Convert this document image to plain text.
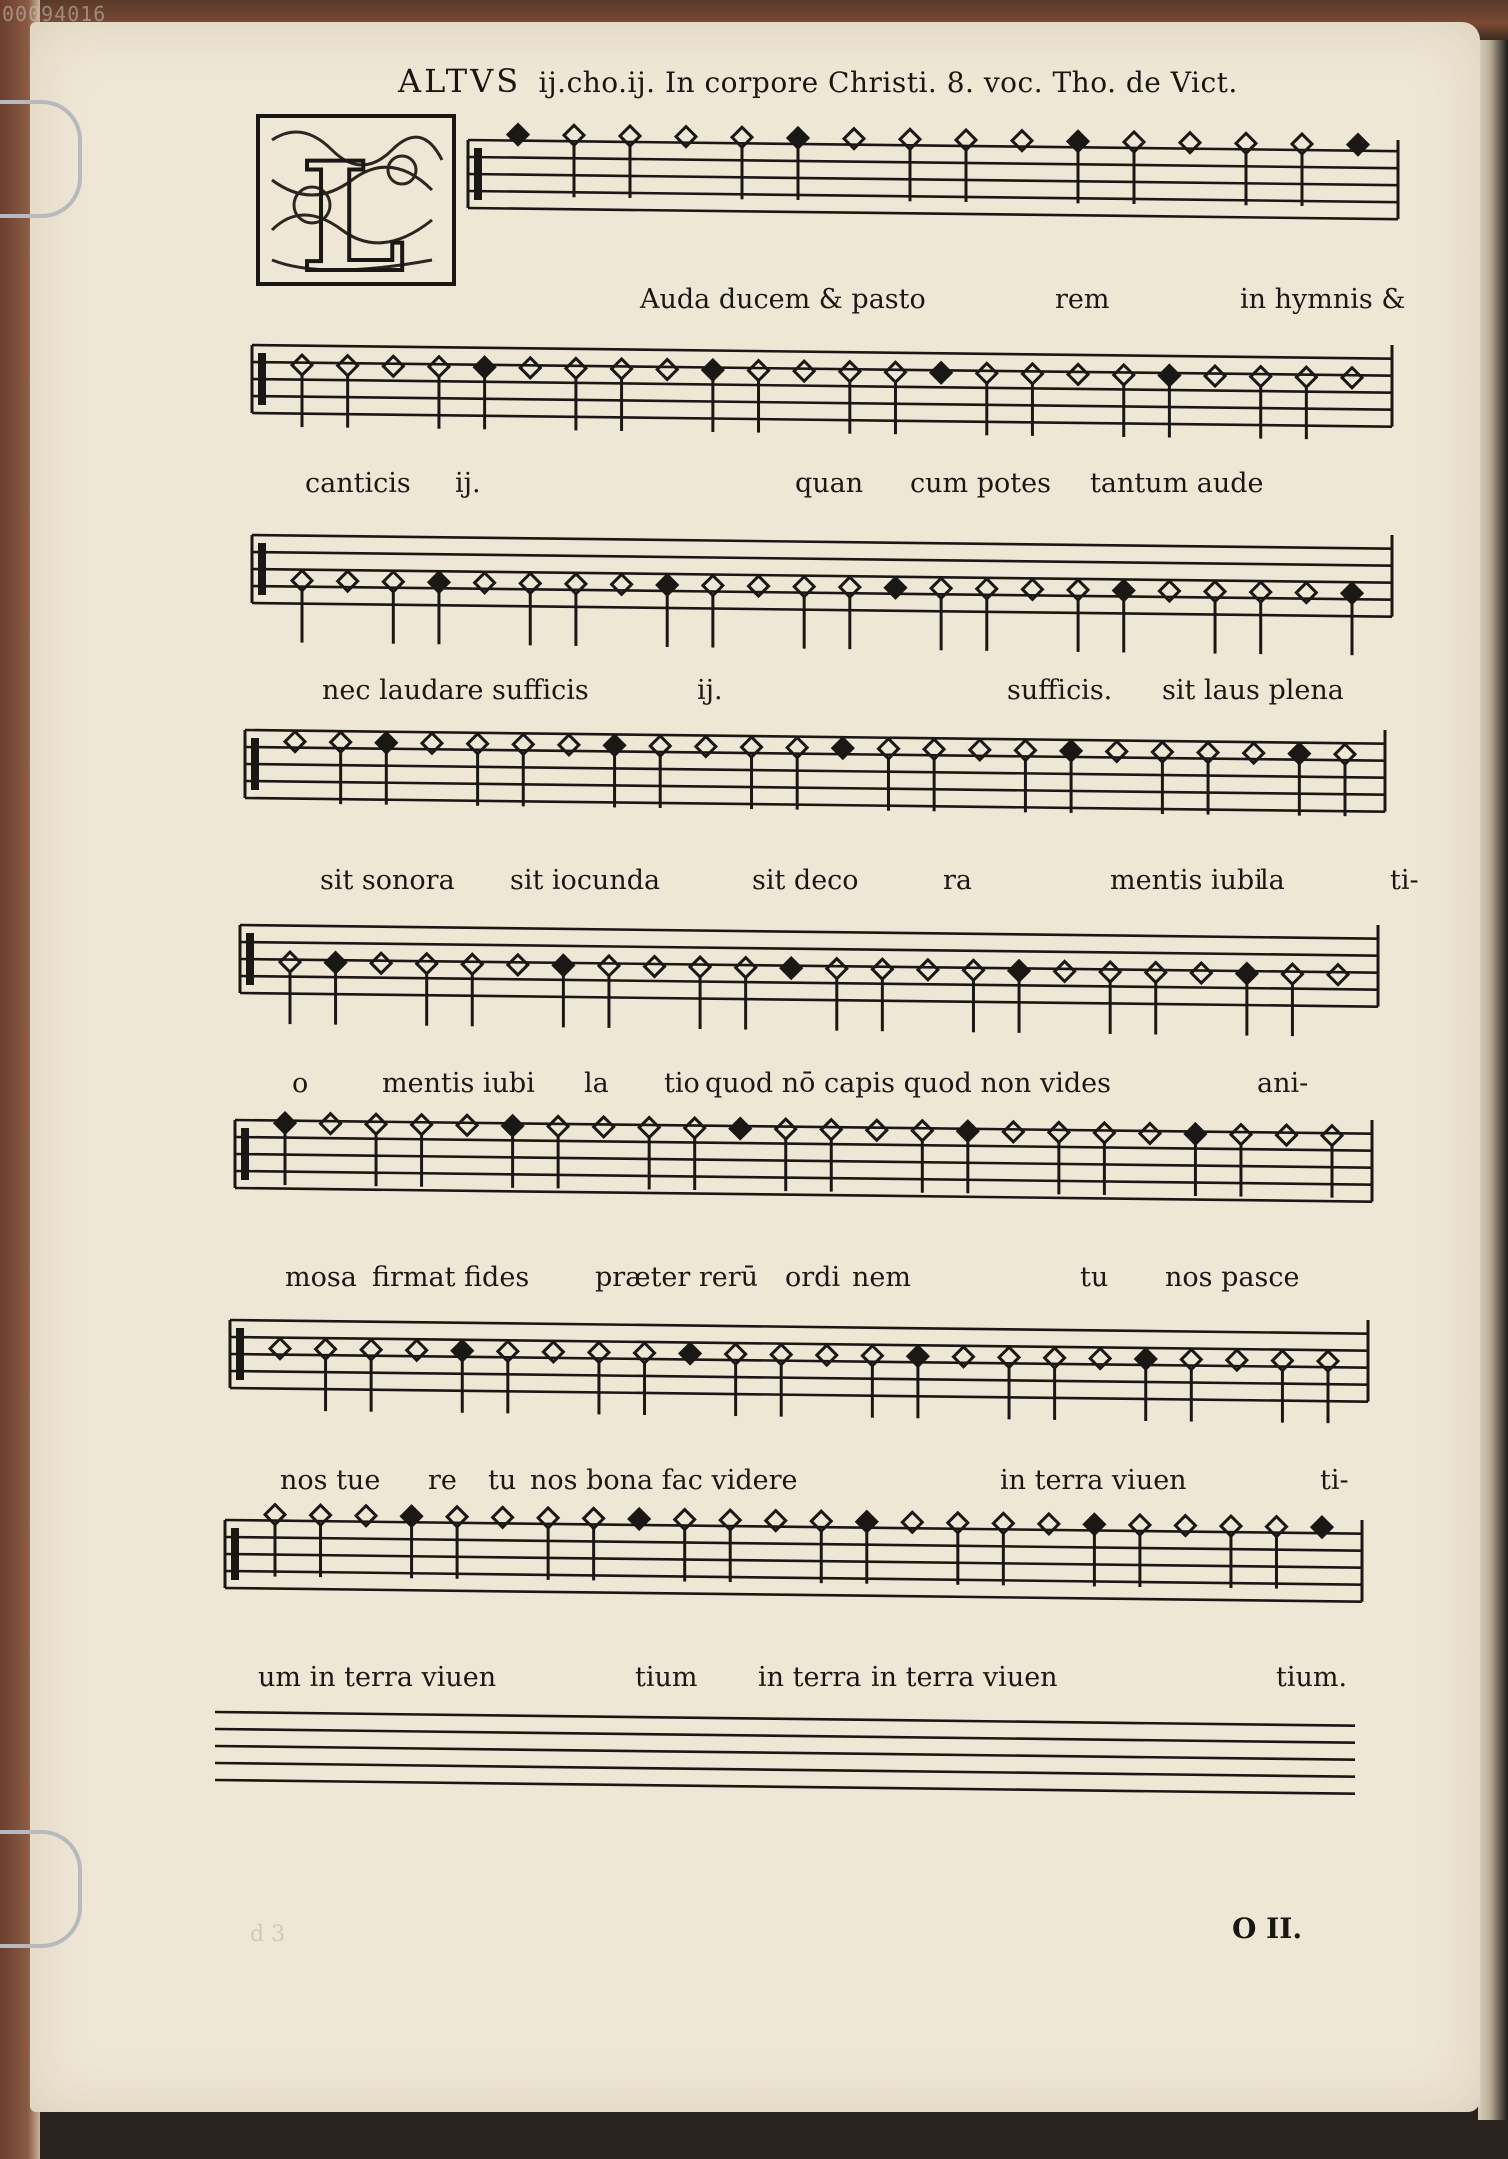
00094016
ALTVS ij.cho.ij. In corpore Christi. 8. voc. Tho. de Vict.
L	Auda ducem & pasto	rem	in hymnis &
canticis ij.	quan cum potes tantum aude
nec laudare sufficis	ij.	sufficis. sit laus plena
sit sonora sit iocunda	sit deco	ra	mentis iubi
la	ti-
o	mentis iubi la tio quod nō capis quod non vides	ani-
mosa firmat fides præter rerū ordi nem	tu nos pasce
nos tue re tu nos bona fac videre	in terra viuen	ti-
um in terra viuen	tium in terra in terra viuen	tium.
d 3	O II.
